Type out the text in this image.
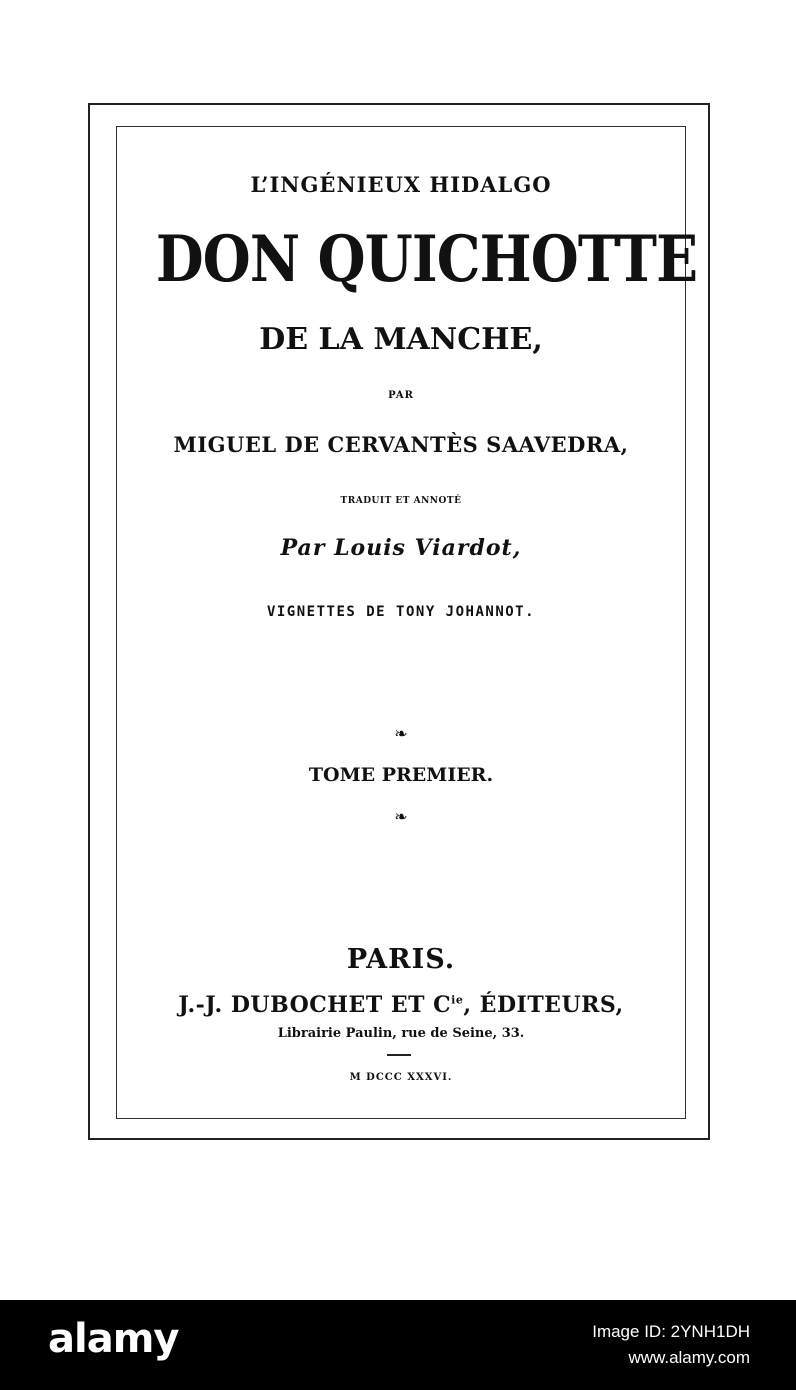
L’INGÉNIEUX HIDALGO
DON QUICHOTTE
DE LA MANCHE,
PAR
MIGUEL DE CERVANTÈS SAAVEDRA,
TRADUIT ET ANNOTÉ
Par Louis Viardot,
VIGNETTES DE TONY JOHANNOT.
❧
TOME PREMIER.
❧
PARIS.
J.-J. DUBOCHET ET $C^{ie}$, ÉDITEURS,
Librairie Paulin, rue de Seine, 33.
M DCCC XXXVI.
alamy	Image ID: 2YNH1DH
www.alamy.com
